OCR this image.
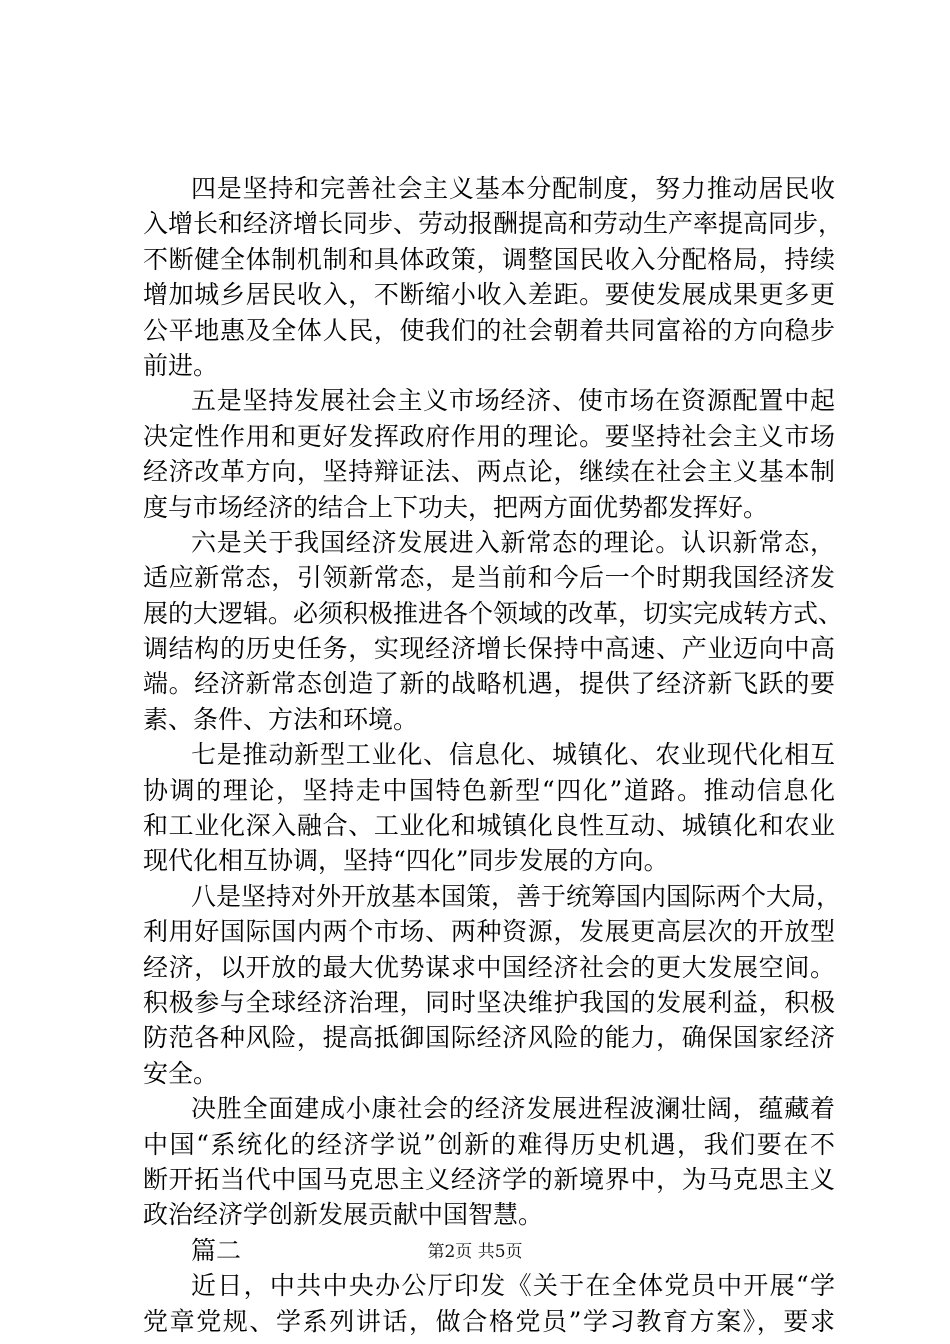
四是坚持和完善社会主义基本分配制度，努力推动居民收
入增长和经济增长同步、劳动报酬提高和劳动生产率提高同步，
不断健全体制机制和具体政策，调整国民收入分配格局，持续
增加城乡居民收入，不断缩小收入差距。要使发展成果更多更
公平地惠及全体人民，使我们的社会朝着共同富裕的方向稳步
前进。
五是坚持发展社会主义市场经济、使市场在资源配置中起
决定性作用和更好发挥政府作用的理论。要坚持社会主义市场
经济改革方向，坚持辩证法、两点论，继续在社会主义基本制
度与市场经济的结合上下功夫，把两方面优势都发挥好。
六是关于我国经济发展进入新常态的理论。认识新常态，
适应新常态，引领新常态，是当前和今后一个时期我国经济发
展的大逻辑。必须积极推进各个领域的改革，切实完成转方式、
调结构的历史任务，实现经济增长保持中高速、产业迈向中高
端。经济新常态创造了新的战略机遇，提供了经济新飞跃的要
素、条件、方法和环境。
七是推动新型工业化、信息化、城镇化、农业现代化相互
协调的理论，坚持走中国特色新型“四化”道路。推动信息化
和工业化深入融合、工业化和城镇化良性互动、城镇化和农业
现代化相互协调，坚持“四化”同步发展的方向。
八是坚持对外开放基本国策，善于统筹国内国际两个大局，
利用好国际国内两个市场、两种资源，发展更高层次的开放型
经济，以开放的最大优势谋求中国经济社会的更大发展空间。
积极参与全球经济治理，同时坚决维护我国的发展利益，积极
防范各种风险，提高抵御国际经济风险的能力，确保国家经济
安全。
决胜全面建成小康社会的经济发展进程波澜壮阔，蕴藏着
中国“系统化的经济学说”创新的难得历史机遇，我们要在不
断开拓当代中国马克思主义经济学的新境界中，为马克思主义
政治经济学创新发展贡献中国智慧。
篇二
近日，中共中央办公厅印发《关于在全体党员中开展“学
党章党规、学系列讲话，做合格党员”学习教育方案》，要求
第2页 共5页
